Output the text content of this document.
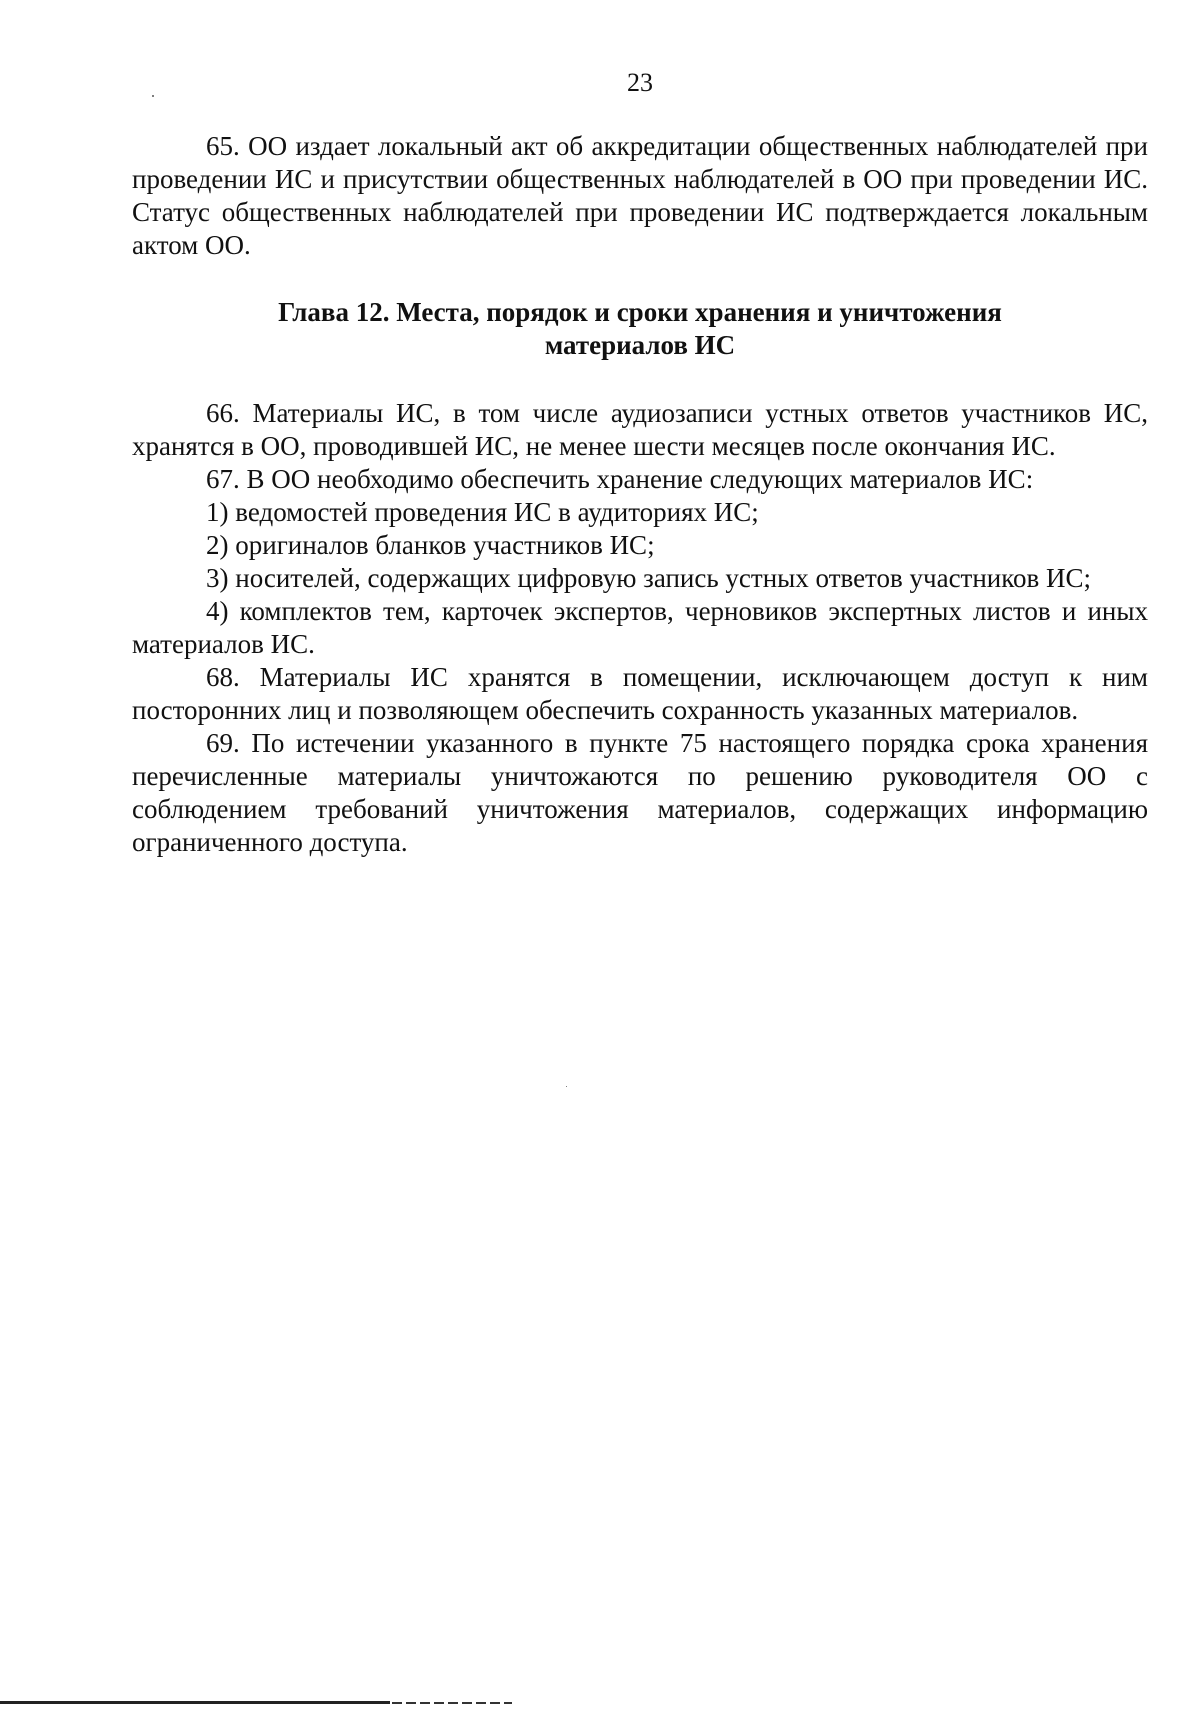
23

65. ОО издает локальный акт об аккредитации общественных наблюдателей при проведении ИС и присутствии общественных наблюдателей в ОО при проведении ИС. Статус общественных наблюдателей при проведении ИС подтверждается локальным актом ОО.

Глава 12. Места, порядок и сроки хранения и уничтожения
материалов ИС

66. Материалы ИС, в том числе аудиозаписи устных ответов участников ИС, хранятся в ОО, проводившей ИС, не менее шести месяцев после окончания ИС.

67. В ОО необходимо обеспечить хранение следующих материалов ИС:

1) ведомостей проведения ИС в аудиториях ИС;

2) оригиналов бланков участников ИС;

3) носителей, содержащих цифровую запись устных ответов участников ИС;

4) комплектов тем, карточек экспертов, черновиков экспертных листов и иных материалов ИС.

68. Материалы ИС хранятся в помещении, исключающем доступ к ним посторонних лиц и позволяющем обеспечить сохранность указанных материалов.

69. По истечении указанного в пункте 75 настоящего порядка срока хранения перечисленные материалы уничтожаются по решению руководителя ОО с соблюдением требований уничтожения материалов, содержащих информацию ограниченного доступа.
